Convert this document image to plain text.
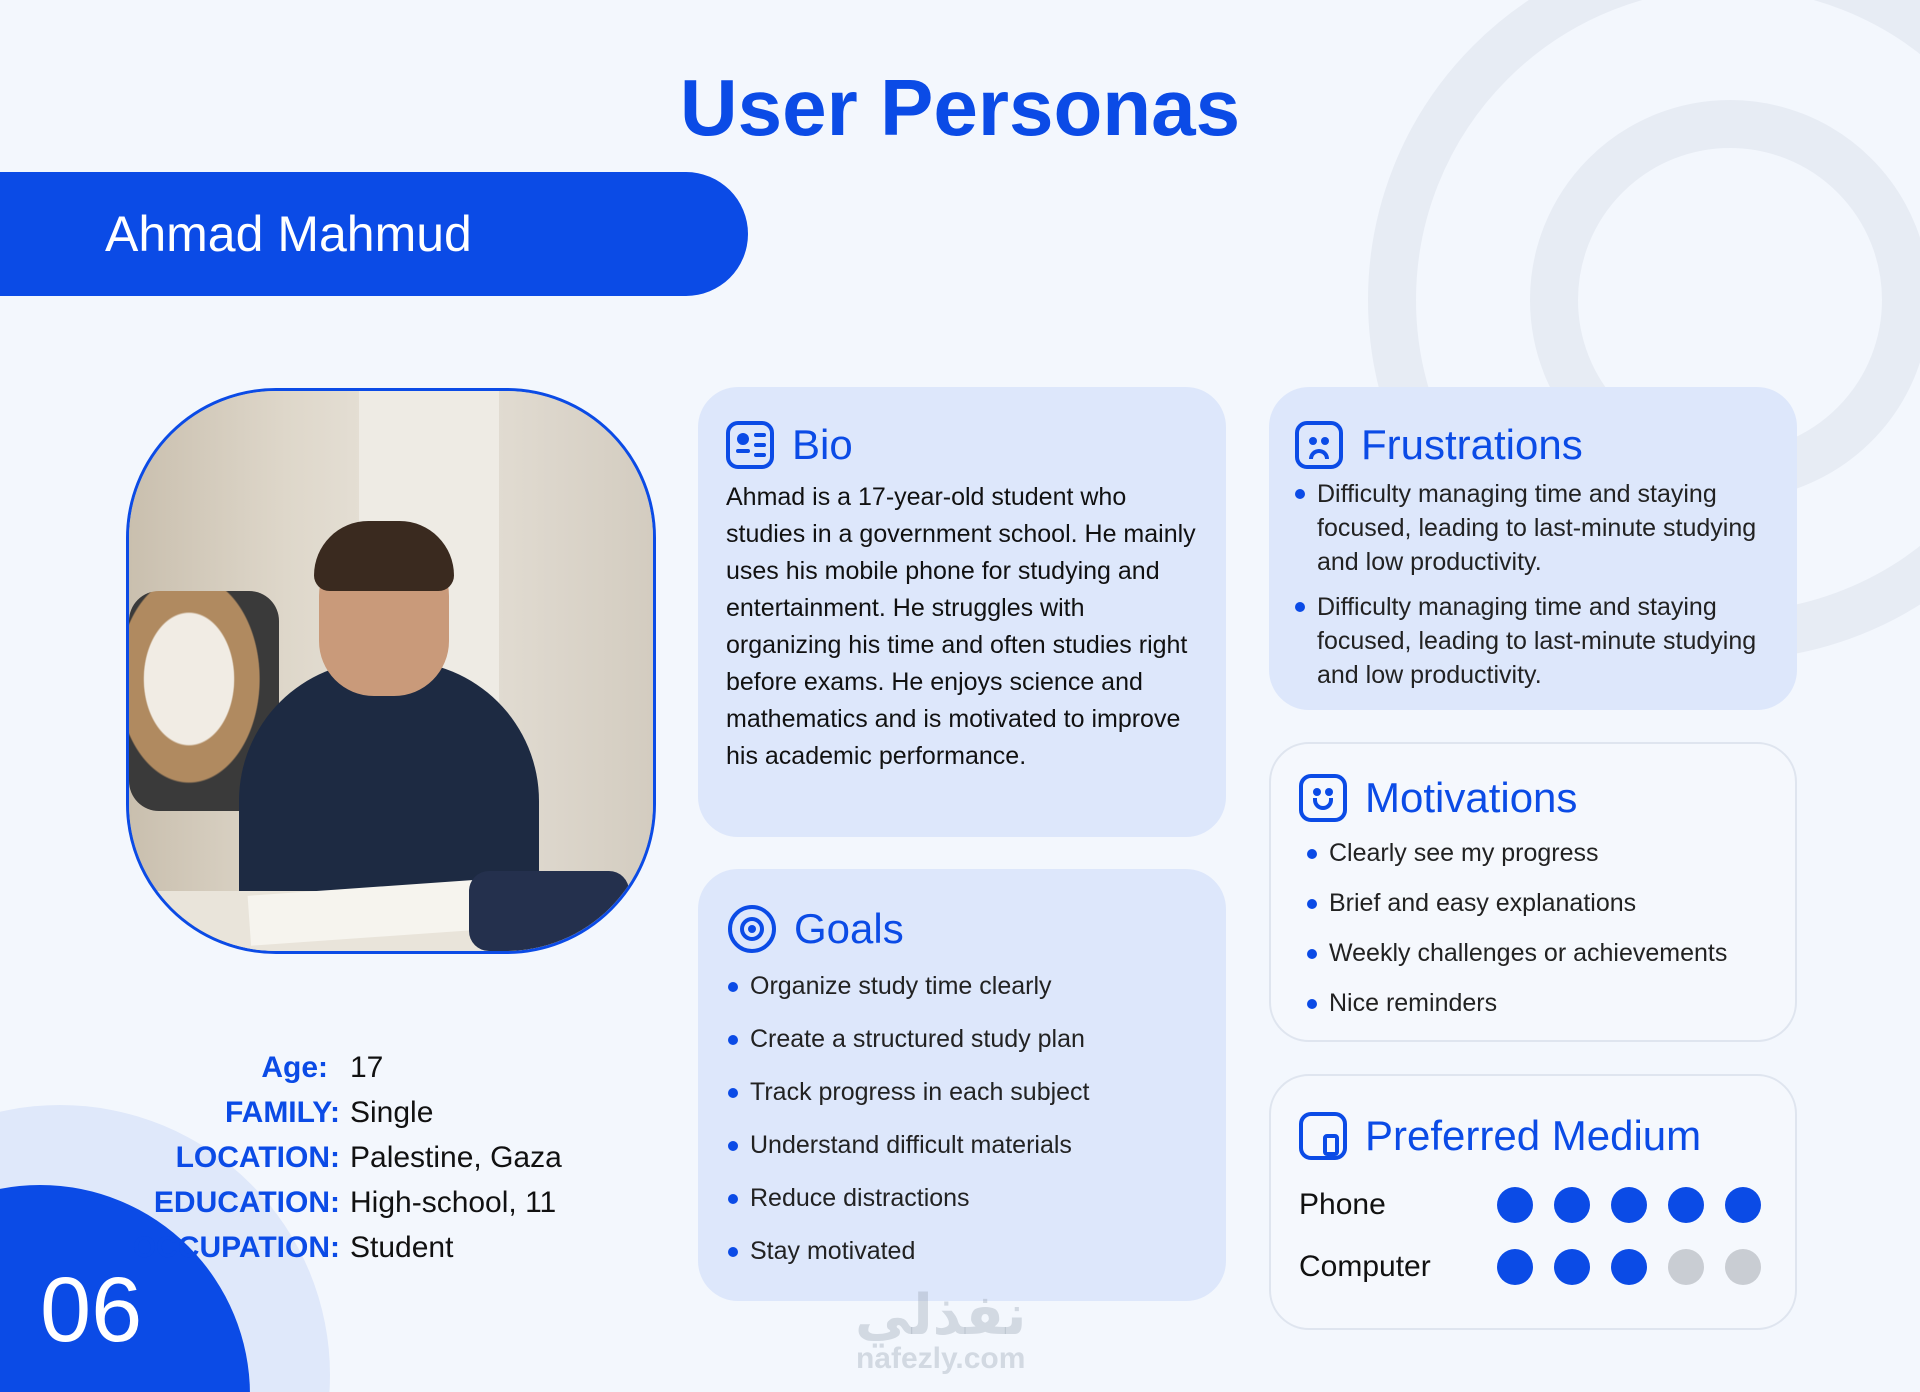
User Personas
Ahmad Mahmud
Age: 17
FAMILY: Single
LOCATION: Palestine, Gaza
EDUCATION: High-school, 11
OCCUPATION: Student
06
Bio

Ahmad is a 17-year-old student who studies in a government school. He mainly uses his mobile phone for studying and entertainment. He struggles with organizing his time and often studies right before exams. He enjoys science and mathematics and is motivated to improve his academic performance.

Goals
Organize study time clearly
Create a structured study plan
Track progress in each subject
Understand difficult materials
Reduce distractions
Stay motivated
Frustrations
Difficulty managing time and staying focused, leading to last-minute studying and low productivity.
Difficulty managing time and staying focused, leading to last-minute studying and low productivity.
Motivations
Clearly see my progress
Brief and easy explanations
Weekly challenges or achievements
Nice reminders
Preferred Medium
Phone
Computer
نفذلي
nafezly.com
